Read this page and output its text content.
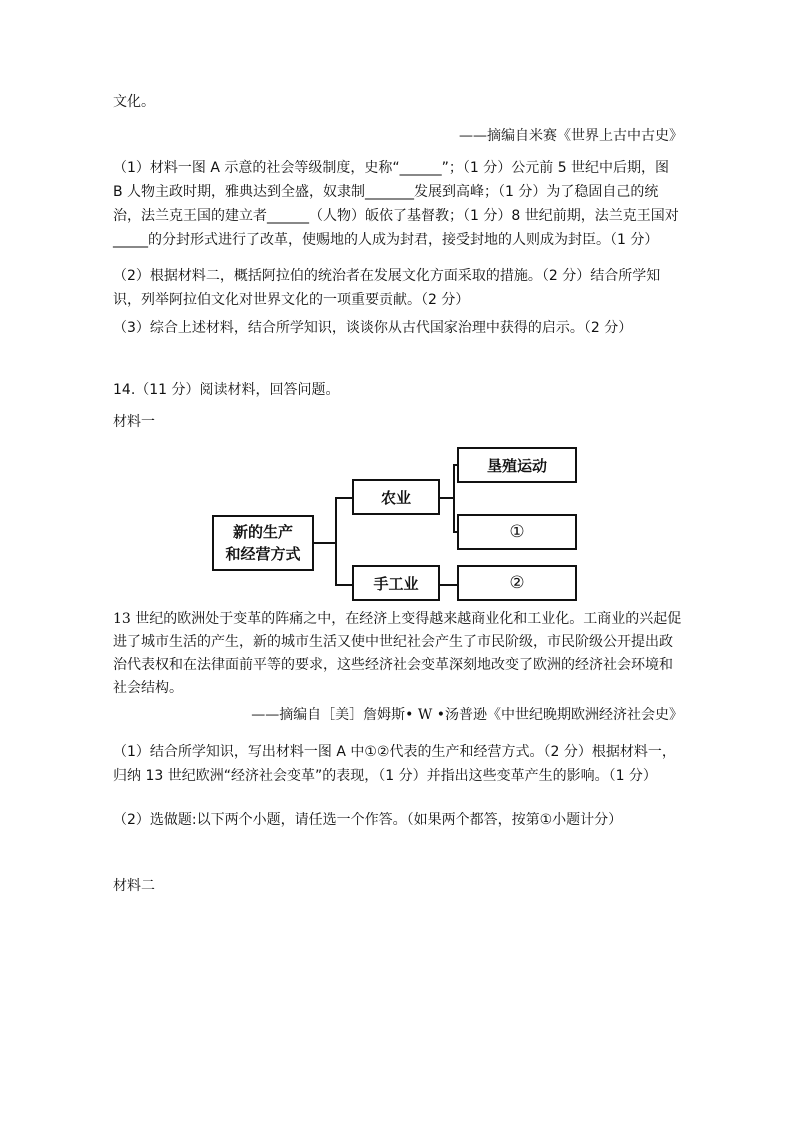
文化。

——摘编自米赛《世界上古中古史》

（1）材料一图 A 示意的社会等级制度，史称“______”；（1 分）公元前 5 世纪中后期，图 B 人物主政时期，雅典达到全盛，奴隶制_______发展到高峰；（1 分）为了稳固自己的统治，法兰克王国的建立者______（人物）皈依了基督教；（1 分）8 世纪前期，法兰克王国对_____的分封形式进行了改革，使赐地的人成为封君，接受封地的人则成为封臣。（1 分）

（2）根据材料二，概括阿拉伯的统治者在发展文化方面采取的措施。（2 分）结合所学知识，列举阿拉伯文化对世界文化的一项重要贡献。（2 分）

（3）综合上述材料，结合所学知识，谈谈你从古代国家治理中获得的启示。（2 分）

14.（11 分）阅读材料，回答问题。

材料一

新的生产
和经营方式
农业
手工业
垦殖运动
①
②

13 世纪的欧洲处于变革的阵痛之中，在经济上变得越来越商业化和工业化。工商业的兴起促进了城市生活的产生，新的城市生活又使中世纪社会产生了市民阶级，市民阶级公开提出政治代表权和在法律面前平等的要求，这些经济社会变革深刻地改变了欧洲的经济社会环境和社会结构。

——摘编自［美］詹姆斯• W •汤普逊《中世纪晚期欧洲经济社会史》

（1）结合所学知识，写出材料一图 A 中①②代表的生产和经营方式。（2 分）根据材料一，归纳 13 世纪欧洲“经济社会变革”的表现，（1 分）并指出这些变革产生的影响。（1 分）

（2）选做题:以下两个小题，请任选一个作答。（如果两个都答，按第①小题计分）

材料二
